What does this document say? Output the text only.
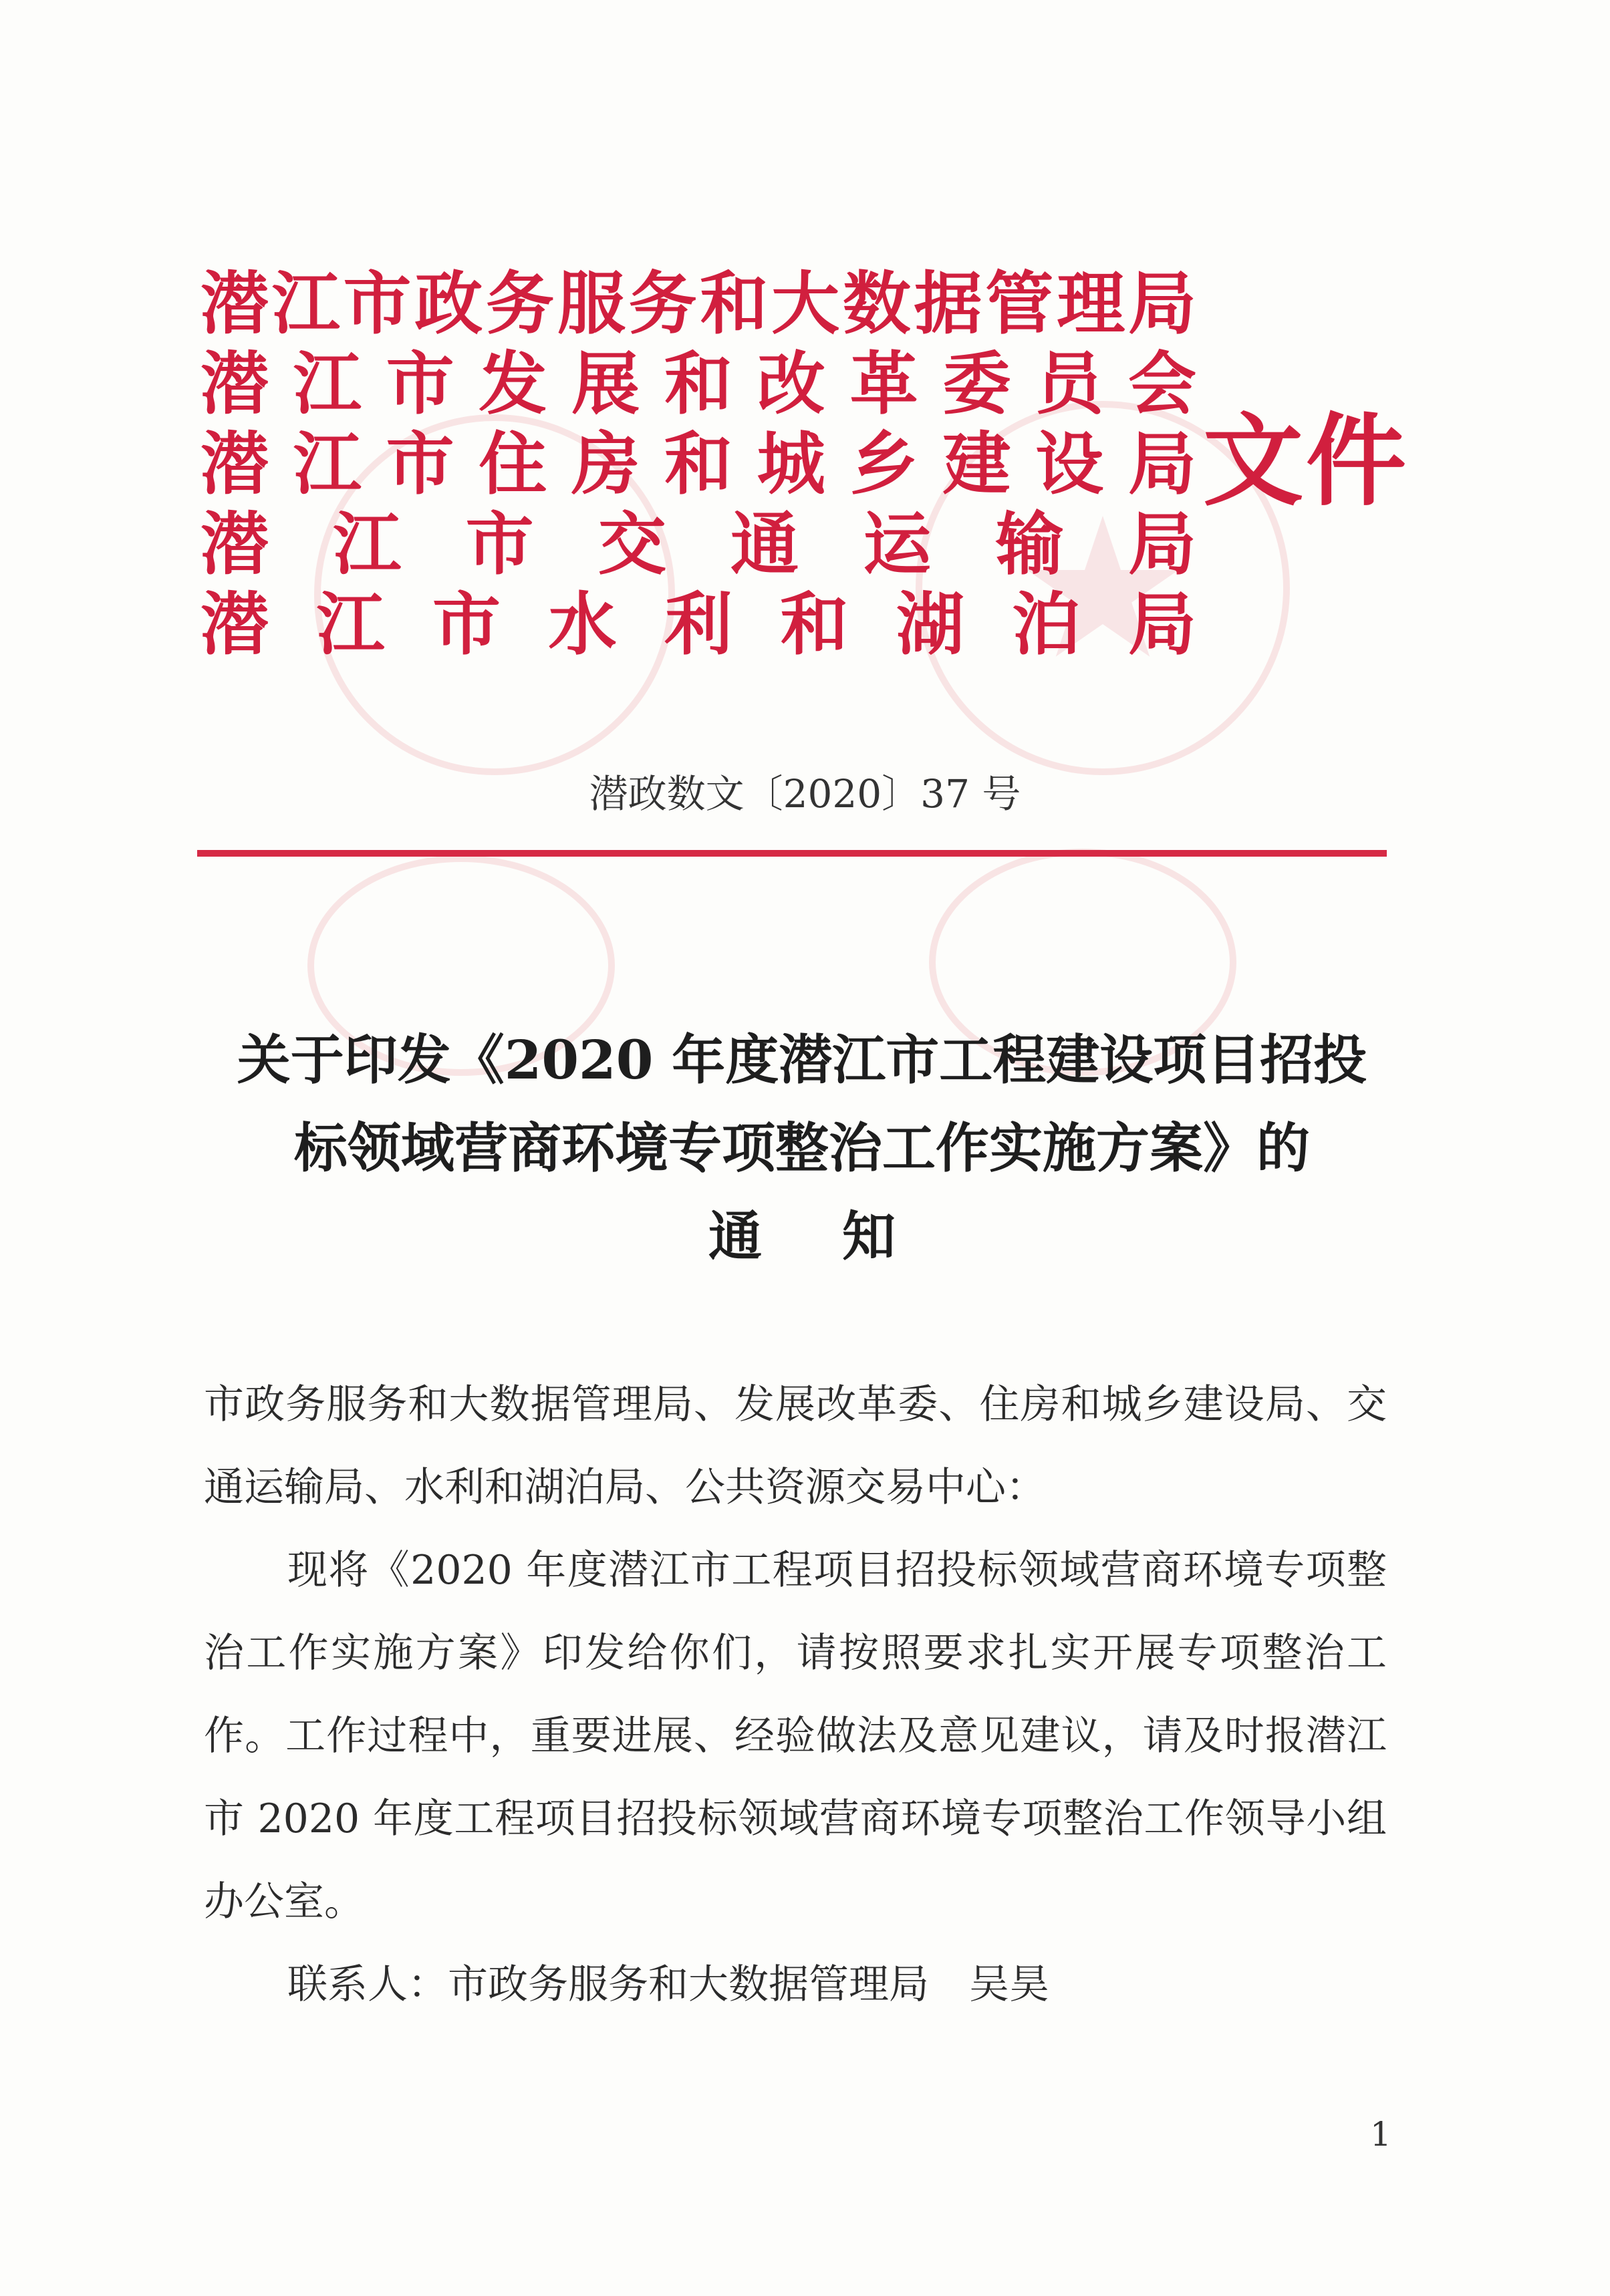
潜 江 市 政 务 服 务 和 大 数 据 管 理 局
潜 江 市 发 展 和 改 革 委 员 会
潜 江 市 住 房 和 城 乡 建 设 局
潜 江 市 交 通 运 输 局
潜 江 市 水 利 和 湖 泊 局
文件
潜政数文〔2020〕37 号
关于印发《2020 年度潜江市工程建设项目招投
标领域营商环境专项整治工作实施方案》的
通知

市政务服务和大数据管理局、发展改革委、住房和城乡建设局、交通运输局、水利和湖泊局、公共资源交易中心：

现将《2020 年度潜江市工程项目招投标领域营商环境专项整治工作实施方案》印发给你们，请按照要求扎实开展专项整治工作。工作过程中，重要进展、经验做法及意见建议，请及时报潜江市 2020 年度工程项目招投标领域营商环境专项整治工作领导小组办公室。

联系人：市政务服务和大数据管理局　吴昊

1
